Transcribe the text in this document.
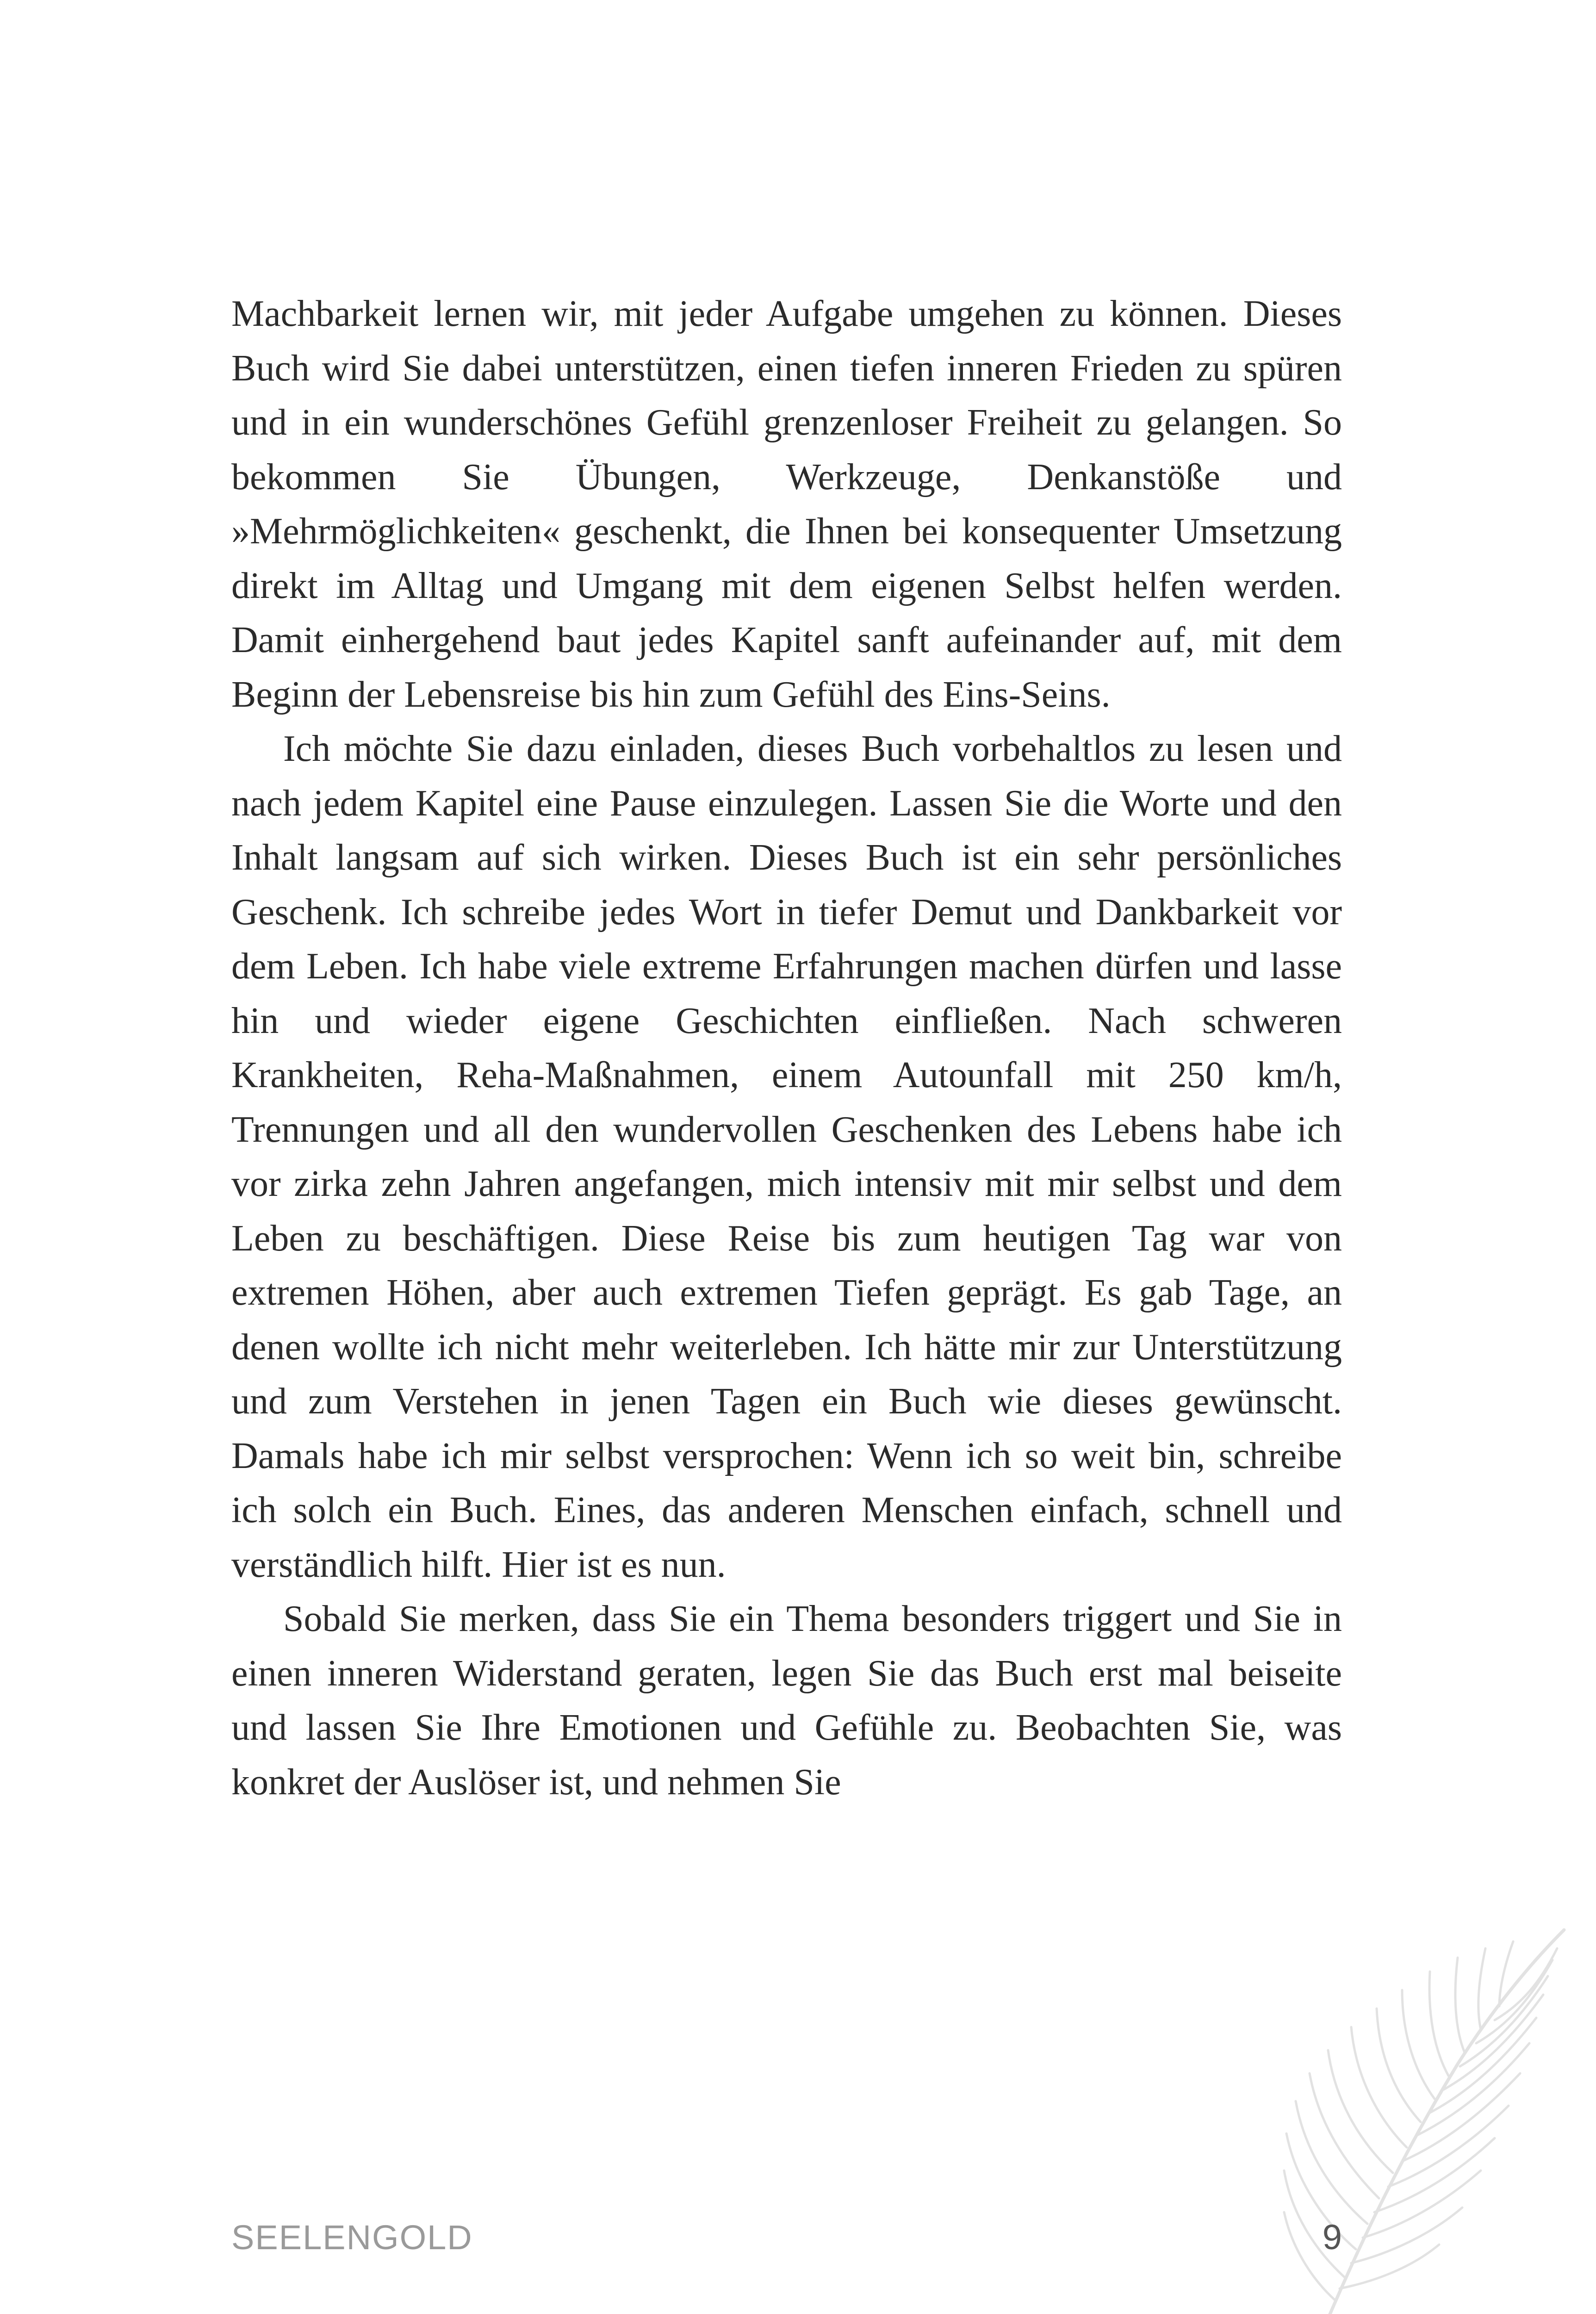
Machbarkeit lernen wir, mit jeder Aufgabe umgehen zu können. Dieses Buch wird Sie dabei unterstützen, einen tiefen inneren Frieden zu spüren und in ein wunderschönes Gefühl grenzenloser Freiheit zu gelangen. So bekommen Sie Übungen, Werkzeuge, Denkanstöße und »Mehrmöglichkeiten« geschenkt, die Ihnen bei konsequenter Umsetzung direkt im Alltag und Umgang mit dem eigenen Selbst helfen werden. Damit einhergehend baut jedes Kapitel sanft aufeinander auf, mit dem Beginn der Lebensreise bis hin zum Gefühl des Eins-Seins.

Ich möchte Sie dazu einladen, dieses Buch vorbehaltlos zu lesen und nach jedem Kapitel eine Pause einzulegen. Lassen Sie die Worte und den Inhalt langsam auf sich wirken. Dieses Buch ist ein sehr persönliches Geschenk. Ich schreibe jedes Wort in tiefer Demut und Dankbarkeit vor dem Leben. Ich habe viele extreme Erfahrungen machen dürfen und lasse hin und wieder eigene Geschichten einfließen. Nach schweren Krankheiten, Reha-Maßnahmen, einem Autounfall mit 250 km/h, Trennungen und all den wundervollen Geschenken des Lebens habe ich vor zirka zehn Jahren angefangen, mich intensiv mit mir selbst und dem Leben zu beschäftigen. Diese Reise bis zum heutigen Tag war von extremen Höhen, aber auch extremen Tiefen geprägt. Es gab Tage, an denen wollte ich nicht mehr weiterleben. Ich hätte mir zur Unterstützung und zum Verstehen in jenen Tagen ein Buch wie dieses gewünscht. Damals habe ich mir selbst versprochen: Wenn ich so weit bin, schreibe ich solch ein Buch. Eines, das anderen Menschen einfach, schnell und verständlich hilft. Hier ist es nun.

Sobald Sie merken, dass Sie ein Thema besonders triggert und Sie in einen inneren Widerstand geraten, legen Sie das Buch erst mal beiseite und lassen Sie Ihre Emotionen und Gefühle zu. Beobachten Sie, was konkret der Auslöser ist, und nehmen Sie

SEELENGOLD	9
